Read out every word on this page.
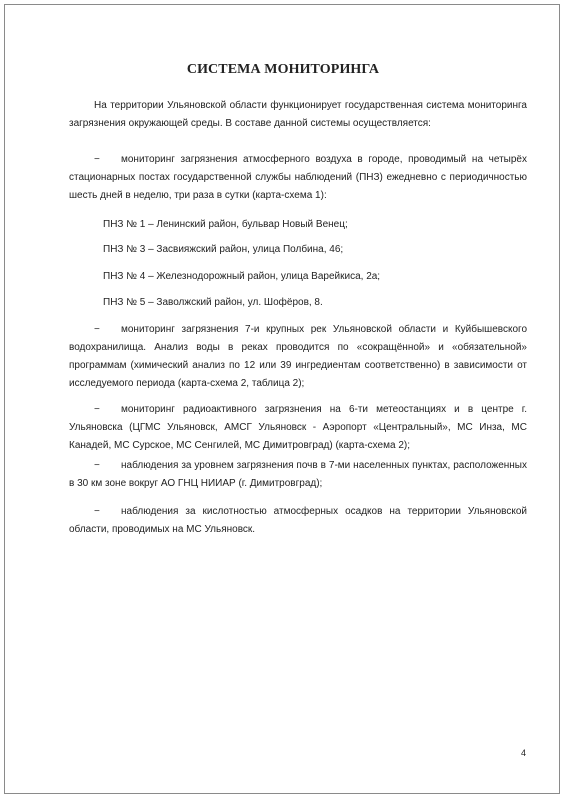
СИСТЕМА МОНИТОРИНГА

На территории Ульяновской области функционирует государственная система мониторинга загрязнения окружающей среды. В составе данной системы осуществляется:

− мониторинг загрязнения атмосферного воздуха в городе, проводимый на четырёх стационарных постах государственной службы наблюдений (ПНЗ) ежедневно с периодичностью шесть дней в неделю, три раза в сутки (карта-схема 1):

ПНЗ № 1 – Ленинский район, бульвар Новый Венец;

ПНЗ № 3 – Засвияжский район, улица Полбина, 46;

ПНЗ № 4 – Железнодорожный район, улица Варейкиса, 2а;

ПНЗ № 5 – Заволжский район, ул. Шофёров, 8.

− мониторинг загрязнения 7-и крупных рек Ульяновской области и Куйбышевского водохранилища. Анализ воды в реках проводится по «сокращённой» и «обязательной» программам (химический анализ по 12 или 39 ингредиентам соответственно) в зависимости от исследуемого периода (карта-схема 2, таблица 2);

− мониторинг радиоактивного загрязнения на 6-ти метеостанциях и в центре г. Ульяновска (ЦГМС Ульяновск, АМСГ Ульяновск - Аэропорт «Центральный», МС Инза, МС Канадей, МС Сурское, МС Сенгилей, МС Димитровград) (карта-схема 2);

− наблюдения за уровнем загрязнения почв в 7-ми населенных пунктах, расположенных в 30 км зоне вокруг АО ГНЦ НИИАР (г. Димитровград);

− наблюдения за кислотностью атмосферных осадков на территории Ульяновской области, проводимых на МС Ульяновск.

4
